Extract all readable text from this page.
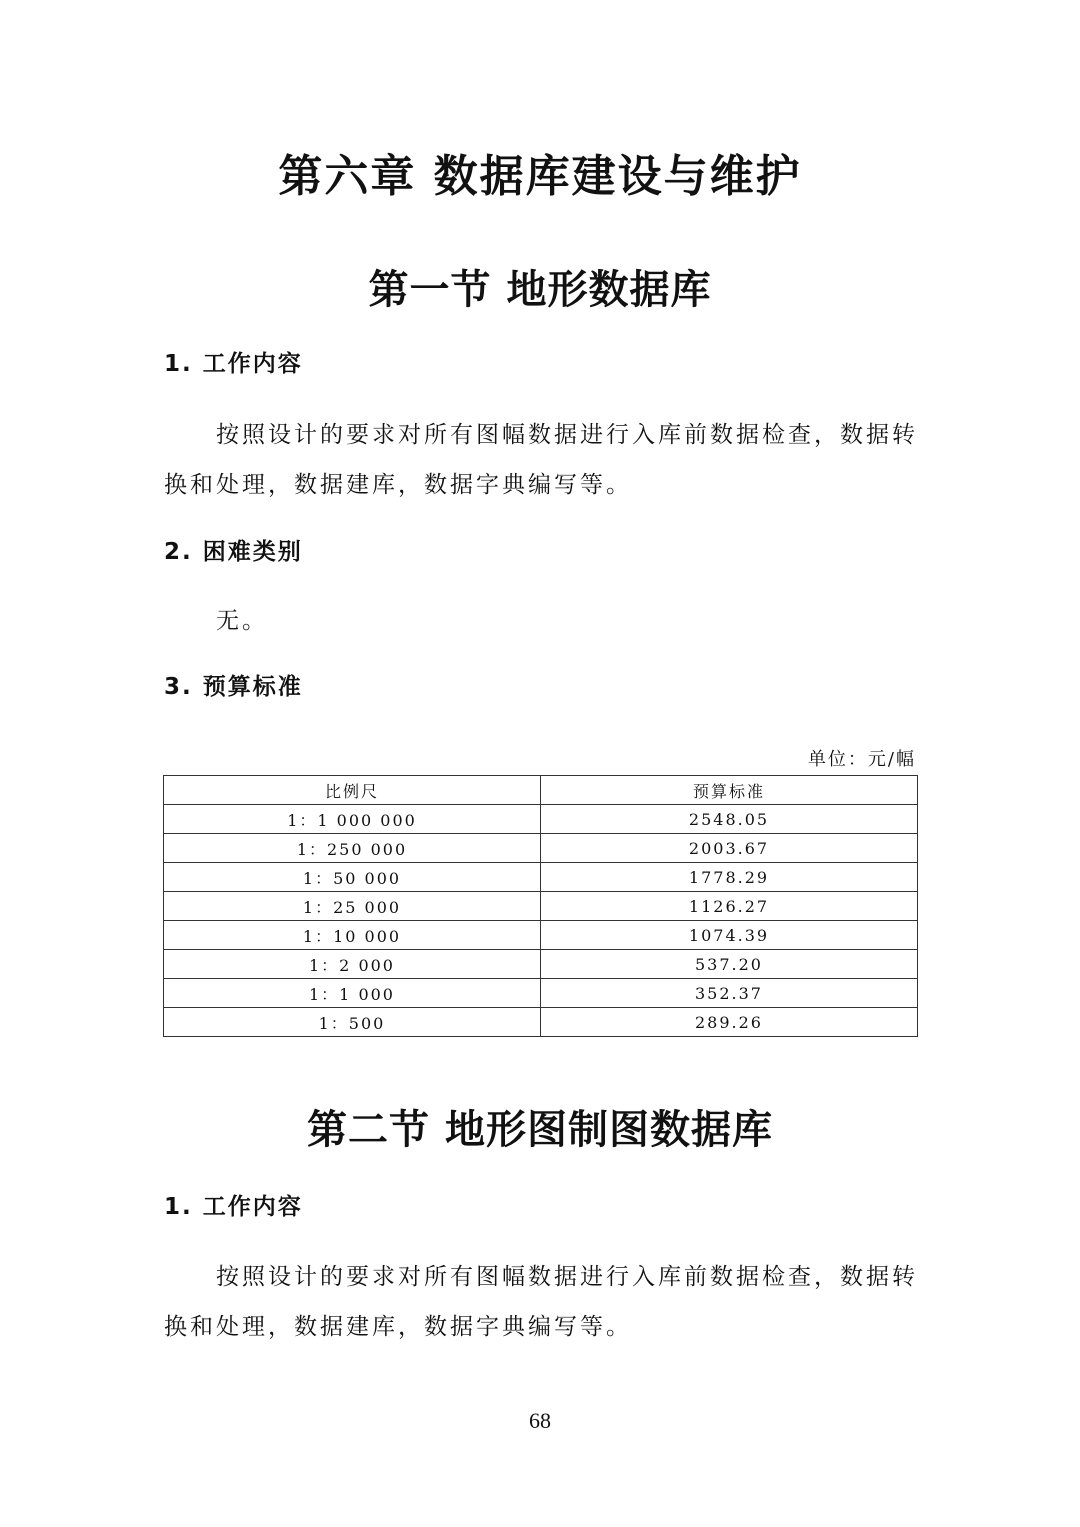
第六章 数据库建设与维护
第一节 地形数据库
1. 工作内容

按照设计的要求对所有图幅数据进行入库前数据检查，数据转换和处理，数据建库，数据字典编写等。

2. 困难类别

无。

3. 预算标准
单位：元/幅
比例尺	预算标准
1：1 000 000	2548.05
1：250 000	2003.67
1：50 000	1778.29
1：25 000	1126.27
1：10 000	1074.39
1：2 000	537.20
1：1 000	352.37
1：500	289.26
第二节 地形图制图数据库
1. 工作内容

按照设计的要求对所有图幅数据进行入库前数据检查，数据转换和处理，数据建库，数据字典编写等。

68
